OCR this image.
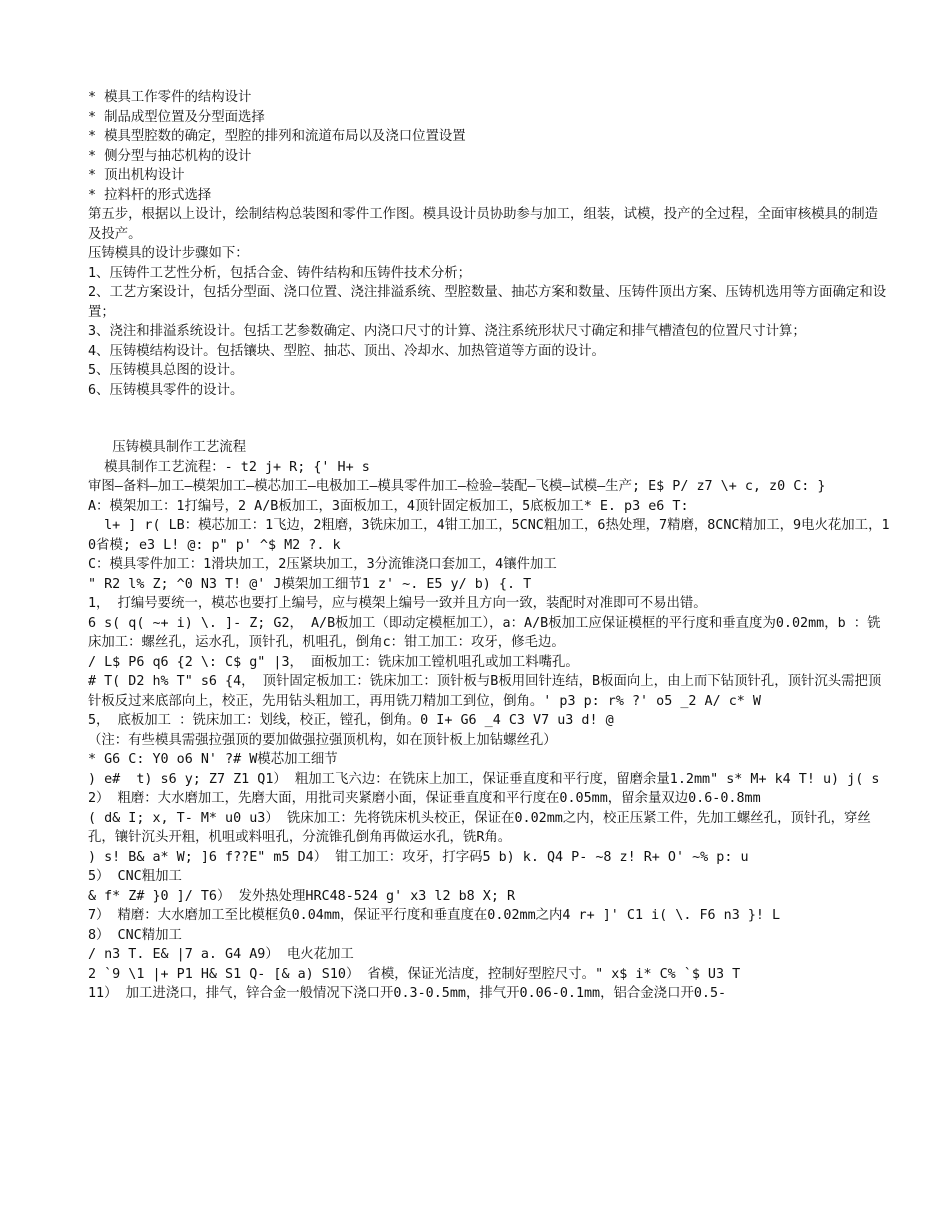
* 模具工作零件的结构设计

* 制品成型位置及分型面选择

* 模具型腔数的确定，型腔的排列和流道布局以及浇口位置设置

* 侧分型与抽芯机构的设计

* 顶出机构设计

* 拉料杆的形式选择

第五步，根据以上设计，绘制结构总装图和零件工作图。模具设计员协助参与加工，组装，试模，投产的全过程，全面审核模具的制造及投产。

压铸模具的设计步骤如下：

1、压铸件工艺性分析，包括合金、铸件结构和压铸件技术分析；

2、工艺方案设计，包括分型面、浇口位置、浇注排溢系统、型腔数量、抽芯方案和数量、压铸件顶出方案、压铸机选用等方面确定和设置；

3、浇注和排溢系统设计。包括工艺参数确定、内浇口尺寸的计算、浇注系统形状尺寸确定和排气槽渣包的位置尺寸计算；

4、压铸模结构设计。包括镶块、型腔、抽芯、顶出、冷却水、加热管道等方面的设计。

5、压铸模具总图的设计。

6、压铸模具零件的设计。

压铸模具制作工艺流程

模具制作工艺流程：- t2 j+ R; {' H+ s

审图—备料—加工—模架加工—模芯加工—电极加工—模具零件加工—检验—装配—飞模—试模—生产; E$ P/ z7 \+ c, z0 C: }

A：模架加工：1打编号，2 A/B板加工，3面板加工，4顶针固定板加工，5底板加工* E. p3 e6 T:

l+ ] r( LB：模芯加工：1飞边，2粗磨，3铣床加工，4钳工加工，5CNC粗加工，6热处理，7精磨，8CNC精加工，9电火花加工，10省模; e3 L! @: p" p' ^$ M2 ?. k

C：模具零件加工：1滑块加工，2压紧块加工，3分流锥浇口套加工，4镶件加工

" R2 l% Z; ^0 N3 T! @' J模架加工细节1 z' ~. E5 y/ b) {. T

1， 打编号要统一，模芯也要打上编号，应与模架上编号一致并且方向一致，装配时对准即可不易出错。

6 s( q( ~+ i) \. ]- Z; G2， A/B板加工（即动定模框加工），a：A/B板加工应保证模框的平行度和垂直度为0.02mm，b ：铣床加工：螺丝孔，运水孔，顶针孔，机咀孔，倒角c：钳工加工：攻牙，修毛边。

/ L$ P6 q6 {2 \: C$ g" |3， 面板加工：铣床加工镗机咀孔或加工料嘴孔。

# T( D2 h% T" s6 {4， 顶针固定板加工：铣床加工：顶针板与B板用回针连结，B板面向上，由上而下钻顶针孔，顶针沉头需把顶针板反过来底部向上，校正，先用钻头粗加工，再用铣刀精加工到位，倒角。' p3 p: r% ?' o5 _2 A/ c* W

5， 底板加工 ：铣床加工：划线，校正，镗孔，倒角。0 I+ G6 _4 C3 V7 u3 d! @

（注：有些模具需强拉强顶的要加做强拉强顶机构，如在顶针板上加钻螺丝孔）

* G6 C: Y0 o6 N' ?# W模芯加工细节

) e#  t) s6 y; Z7 Z1 Q1） 粗加工飞六边：在铣床上加工，保证垂直度和平行度，留磨余量1.2mm" s* M+ k4 T! u) j( s

2） 粗磨：大水磨加工，先磨大面，用批司夹紧磨小面，保证垂直度和平行度在0.05mm，留余量双边0.6-0.8mm

( d& I; x, T- M* u0 u3） 铣床加工：先将铣床机头校正，保证在0.02mm之内，校正压紧工件，先加工螺丝孔，顶针孔，穿丝孔，镶针沉头开粗，机咀或料咀孔，分流锥孔倒角再做运水孔，铣R角。

) s! B& a* W; ]6 f??E" m5 D4） 钳工加工：攻牙，打字码5 b) k. Q4 P- ~8 z! R+ O' ~% p: u

5） CNC粗加工

& f* Z# }0 ]/ T6） 发外热处理HRC48-524 g' x3 l2 b8 X; R

7） 精磨：大水磨加工至比模框负0.04mm，保证平行度和垂直度在0.02mm之内4 r+ ]' C1 i( \. F6 n3 }! L

8） CNC精加工

/ n3 T. E& |7 a. G4 A9） 电火花加工

2 `9 \1 |+ P1 H& S1 Q- [& a) S10） 省模，保证光洁度，控制好型腔尺寸。" x$ i* C% `$ U3 T

11） 加工进浇口，排气，锌合金一般情况下浇口开0.3-0.5mm，排气开0.06-0.1mm，铝合金浇口开0.5-
